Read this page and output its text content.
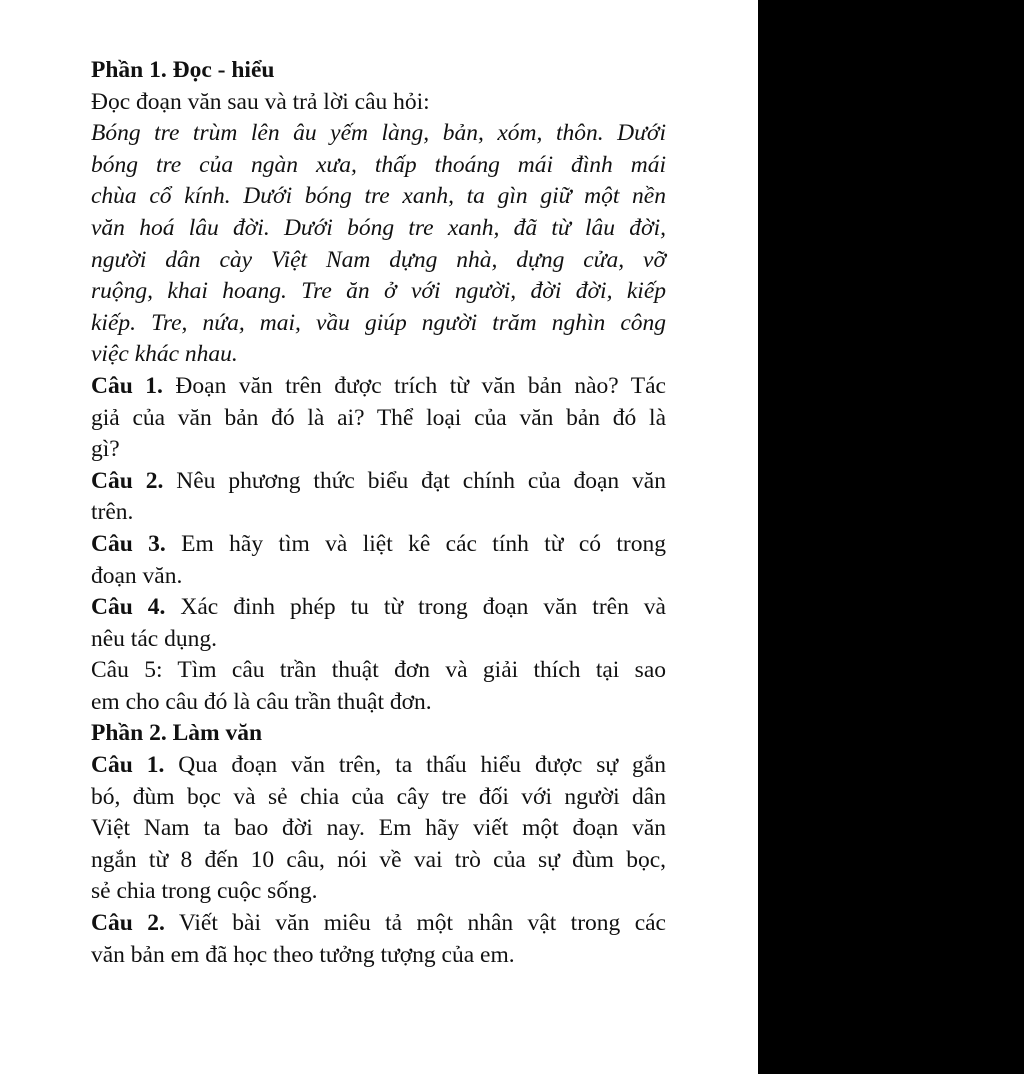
Phần 1. Đọc - hiểu
Đọc đoạn văn sau và trả lời câu hỏi:
Bóng tre trùm lên âu yếm làng, bản, xóm, thôn. Dưới
bóng tre của ngàn xưa, thấp thoáng mái đình mái
chùa cổ kính. Dưới bóng tre xanh, ta gìn giữ một nền
văn hoá lâu đời. Dưới bóng tre xanh, đã từ lâu đời,
người dân cày Việt Nam dựng nhà, dựng cửa, vỡ
ruộng, khai hoang. Tre ăn ở với người, đời đời, kiếp
kiếp. Tre, nứa, mai, vầu giúp người trăm nghìn công
việc khác nhau.
Câu 1. Đoạn văn trên được trích từ văn bản nào? Tác
giả của văn bản đó là ai? Thể loại của văn bản đó là
gì?
Câu 2. Nêu phương thức biểu đạt chính của đoạn văn
trên.
Câu 3. Em hãy tìm và liệt kê các tính từ có trong
đoạn văn.
Câu 4. Xác đinh phép tu từ trong đoạn văn trên và
nêu tác dụng.
Câu 5: Tìm câu trần thuật đơn và giải thích tại sao
em cho câu đó là câu trần thuật đơn.
Phần 2. Làm văn
Câu 1. Qua đoạn văn trên, ta thấu hiểu được sự gắn
bó, đùm bọc và sẻ chia của cây tre đối với người dân
Việt Nam ta bao đời nay. Em hãy viết một đoạn văn
ngắn từ 8 đến 10 câu, nói về vai trò của sự đùm bọc,
sẻ chia trong cuộc sống.
Câu 2. Viết bài văn miêu tả một nhân vật trong các
văn bản em đã học theo tưởng tượng của em.
